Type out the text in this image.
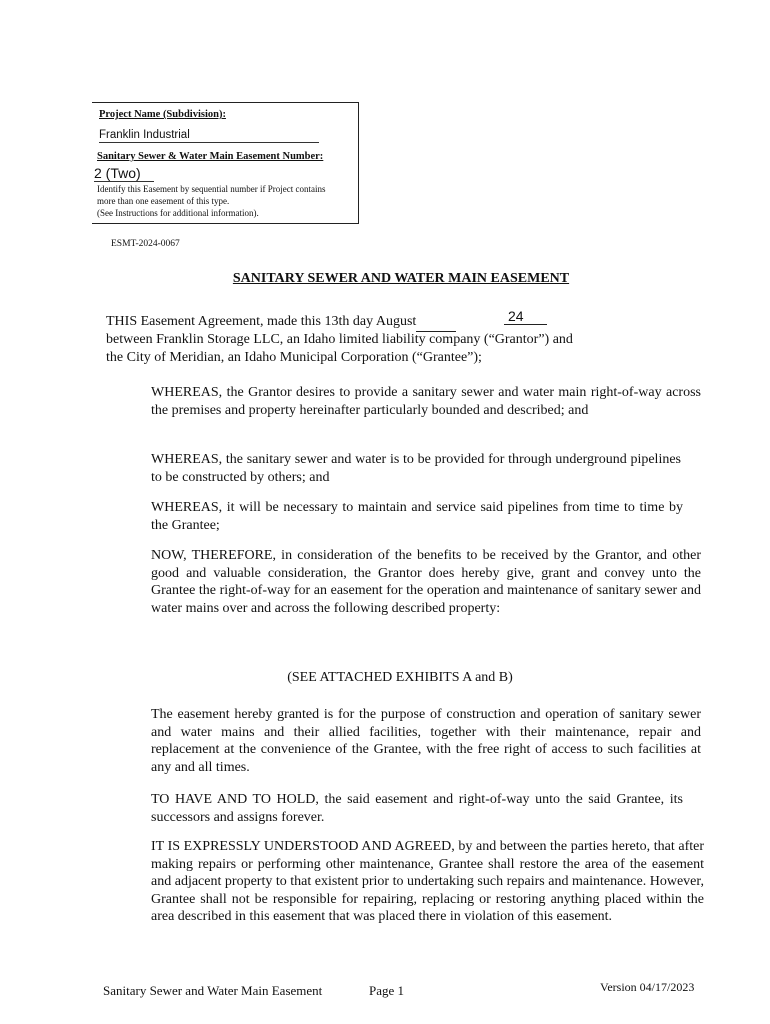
Project Name (Subdivision):
Franklin Industrial
Sanitary Sewer & Water Main Easement Number:
2 (Two)
Identify this Easement by sequential number if Project contains
more than one easement of this type.
(See Instructions for additional information).
ESMT-2024-0067
SANITARY SEWER AND WATER MAIN EASEMENT
THIS Easement Agreement, made this 13th day August	24
between Franklin Storage LLC, an Idaho limited liability company (“Grantor”) and
the City of Meridian, an Idaho Municipal Corporation (“Grantee”);

WHEREAS, the Grantor desires to provide a sanitary sewer and water main right-of-way across the premises and property hereinafter particularly bounded and described; and

WHEREAS, the sanitary sewer and water is to be provided for through underground pipelines to be constructed by others; and

WHEREAS, it will be necessary to maintain and service said pipelines from time to time by the Grantee;

NOW, THEREFORE, in consideration of the benefits to be received by the Grantor, and other good and valuable consideration, the Grantor does hereby give, grant and convey unto the Grantee the right-of-way for an easement for the operation and maintenance of sanitary sewer and water mains over and across the following described property:

(SEE ATTACHED EXHIBITS A and B)

The easement hereby granted is for the purpose of construction and operation of sanitary sewer and water mains and their allied facilities, together with their maintenance, repair and replacement at the convenience of the Grantee, with the free right of access to such facilities at any and all times.

TO HAVE AND TO HOLD, the said easement and right-of-way unto the said Grantee, its successors and assigns forever.

IT IS EXPRESSLY UNDERSTOOD AND AGREED, by and between the parties hereto, that after making repairs or performing other maintenance, Grantee shall restore the area of the easement and adjacent property to that existent prior to undertaking such repairs and maintenance. However, Grantee shall not be responsible for repairing, replacing or restoring anything placed within the area described in this easement that was placed there in violation of this easement.

Sanitary Sewer and Water Main Easement	Page 1	Version 04/17/2023
